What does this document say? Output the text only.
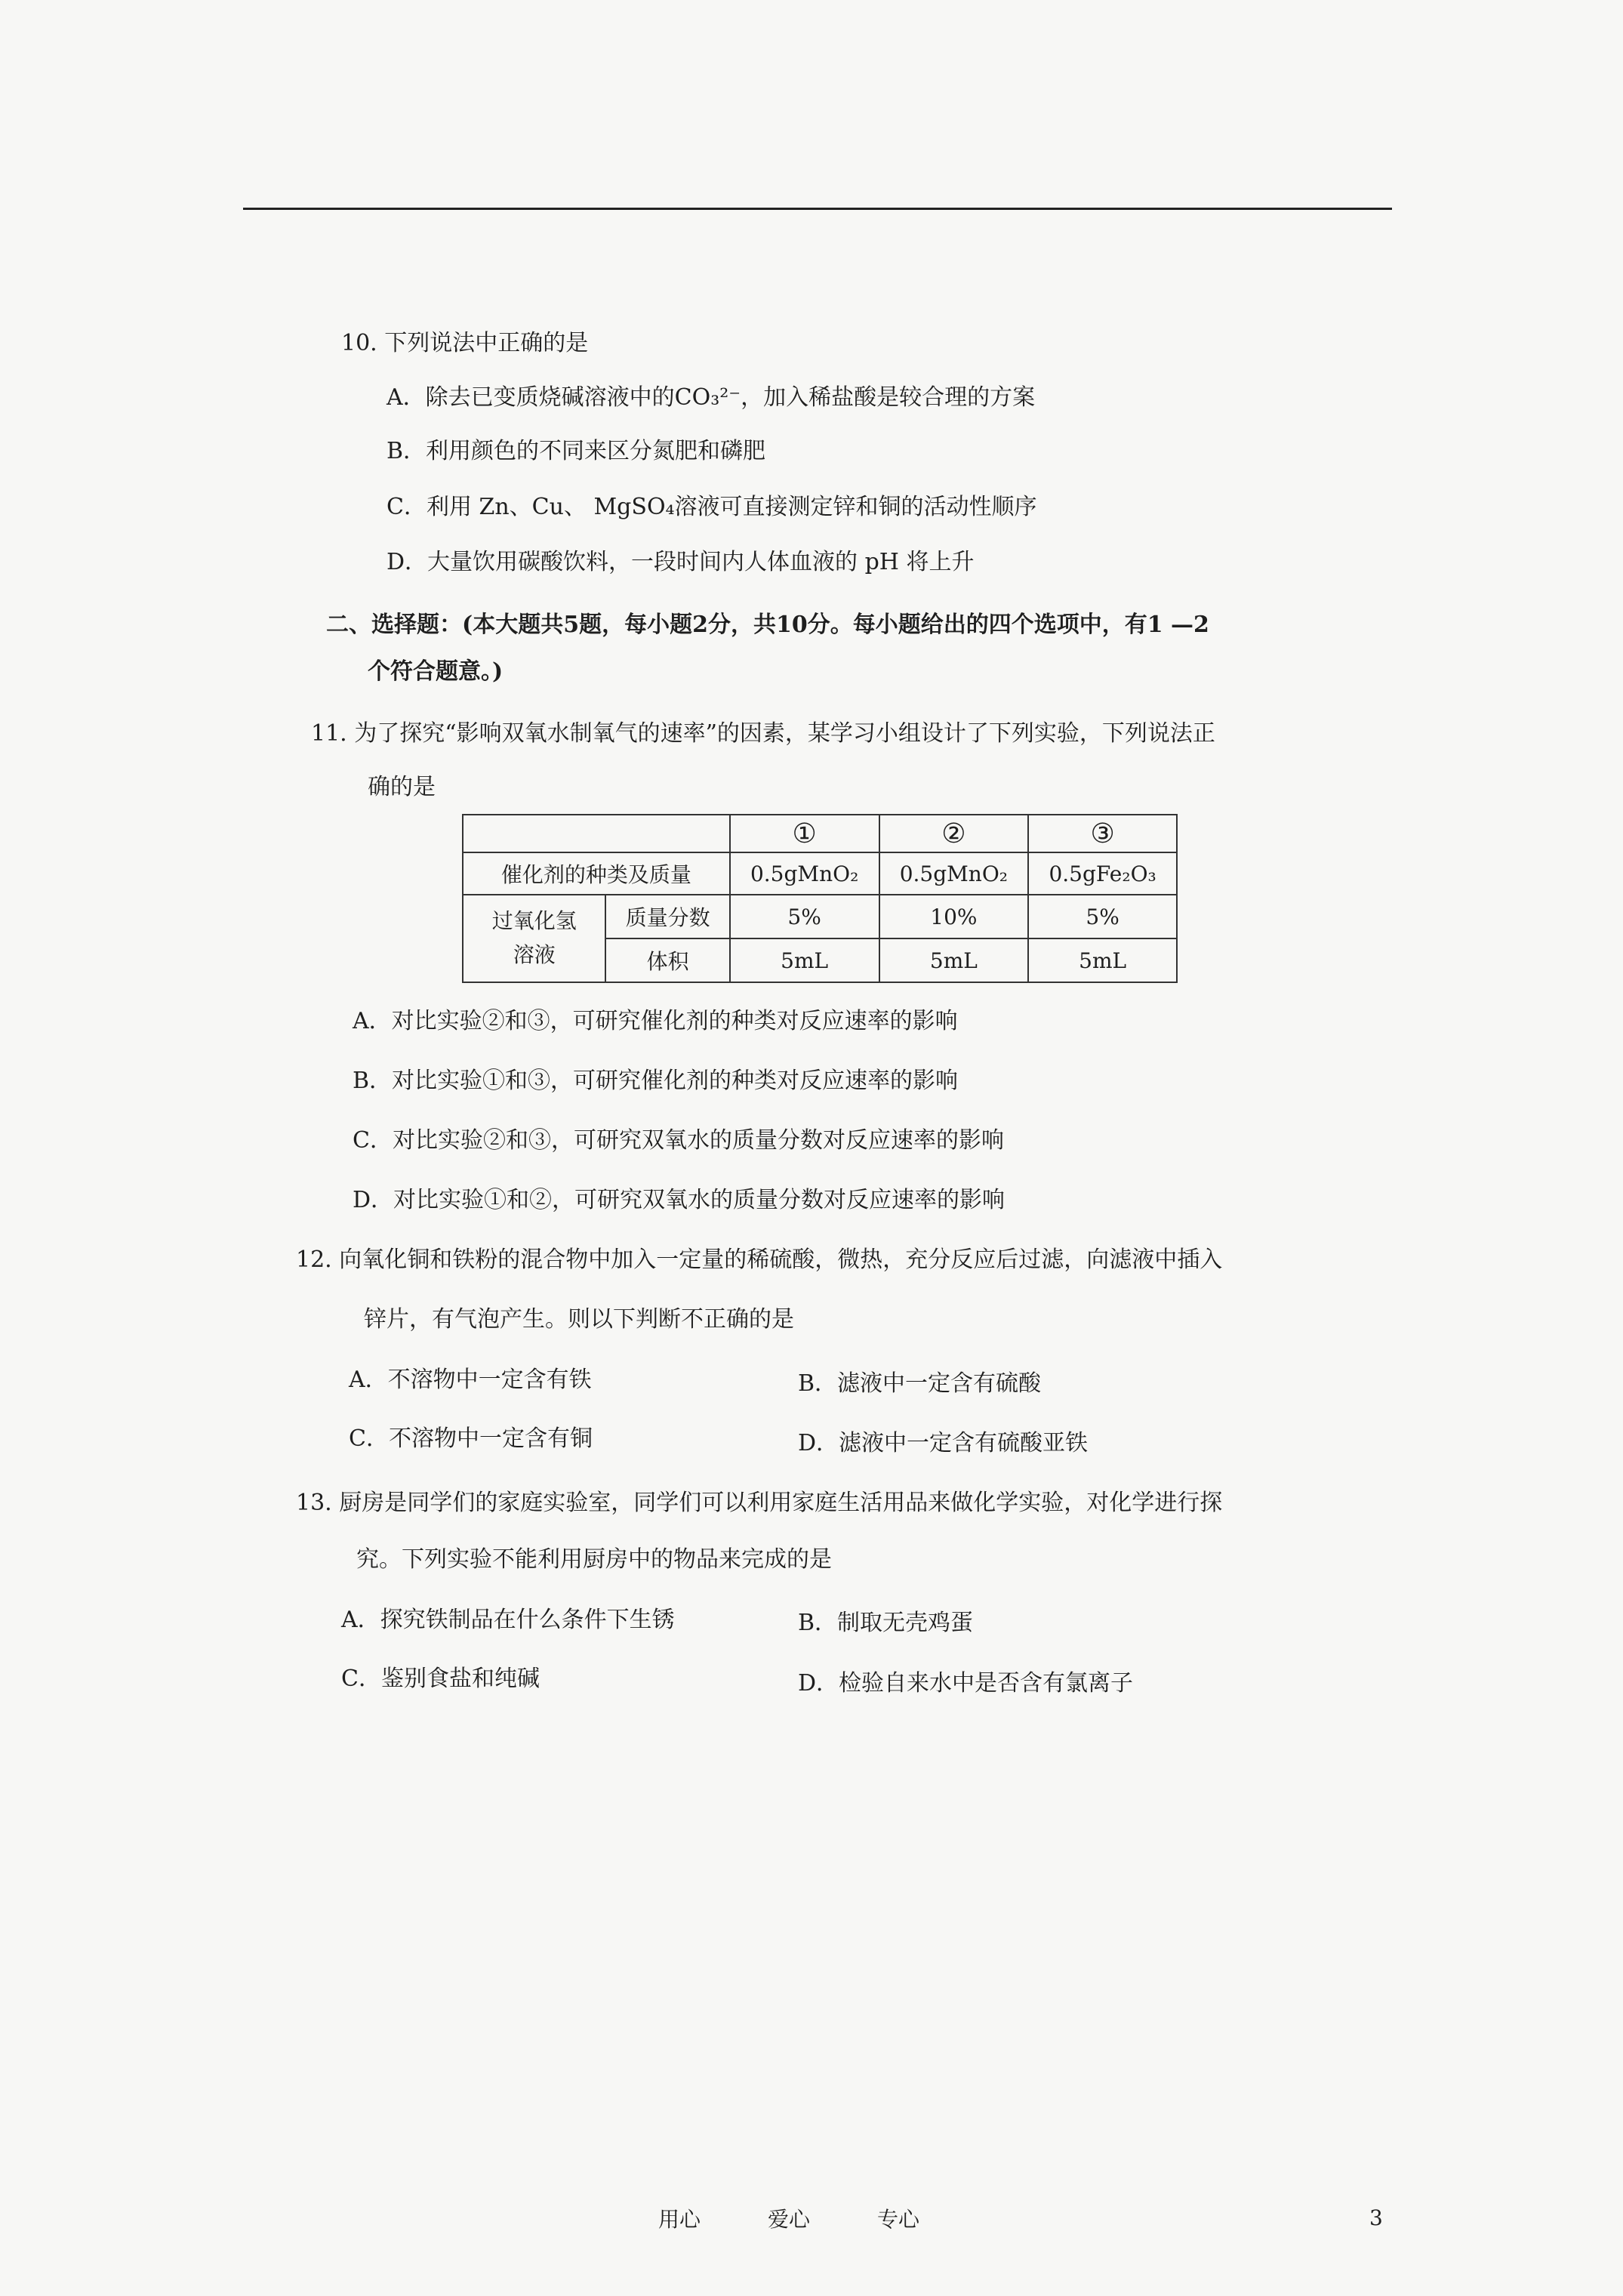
10. 下列说法中正确的是
A．除去已变质烧碱溶液中的CO₃²⁻，加入稀盐酸是较合理的方案
B．利用颜色的不同来区分氮肥和磷肥
C．利用 Zn、Cu、 MgSO₄溶液可直接测定锌和铜的活动性顺序
D．大量饮用碳酸饮料，一段时间内人体血液的 pH 将上升
二、选择题：(本大题共5题，每小题2分，共10分。每小题给出的四个选项中，有1 —2
个符合题意。)
11. 为了探究“影响双氧水制氧气的速率”的因素，某学习小组设计了下列实验，下列说法正
确的是
		①	②	③
催化剂的种类及质量		0.5gMnO₂	0.5gMnO₂	0.5gFe₂O₃
过氧化氢溶液	质量分数	5%	10%	5%
	体积	5mL	5mL	5mL
A．对比实验②和③，可研究催化剂的种类对反应速率的影响
B．对比实验①和③，可研究催化剂的种类对反应速率的影响
C．对比实验②和③，可研究双氧水的质量分数对反应速率的影响
D．对比实验①和②，可研究双氧水的质量分数对反应速率的影响
12. 向氧化铜和铁粉的混合物中加入一定量的稀硫酸，微热，充分反应后过滤，向滤液中插入
锌片，有气泡产生。则以下判断不正确的是
A．不溶物中一定含有铁	B．滤液中一定含有硫酸
C．不溶物中一定含有铜	D．滤液中一定含有硫酸亚铁
13. 厨房是同学们的家庭实验室，同学们可以利用家庭生活用品来做化学实验，对化学进行探
究。下列实验不能利用厨房中的物品来完成的是
A．探究铁制品在什么条件下生锈	B．制取无壳鸡蛋
C．鉴别食盐和纯碱	D．检验自来水中是否含有氯离子
用心	爱心	专心	3
